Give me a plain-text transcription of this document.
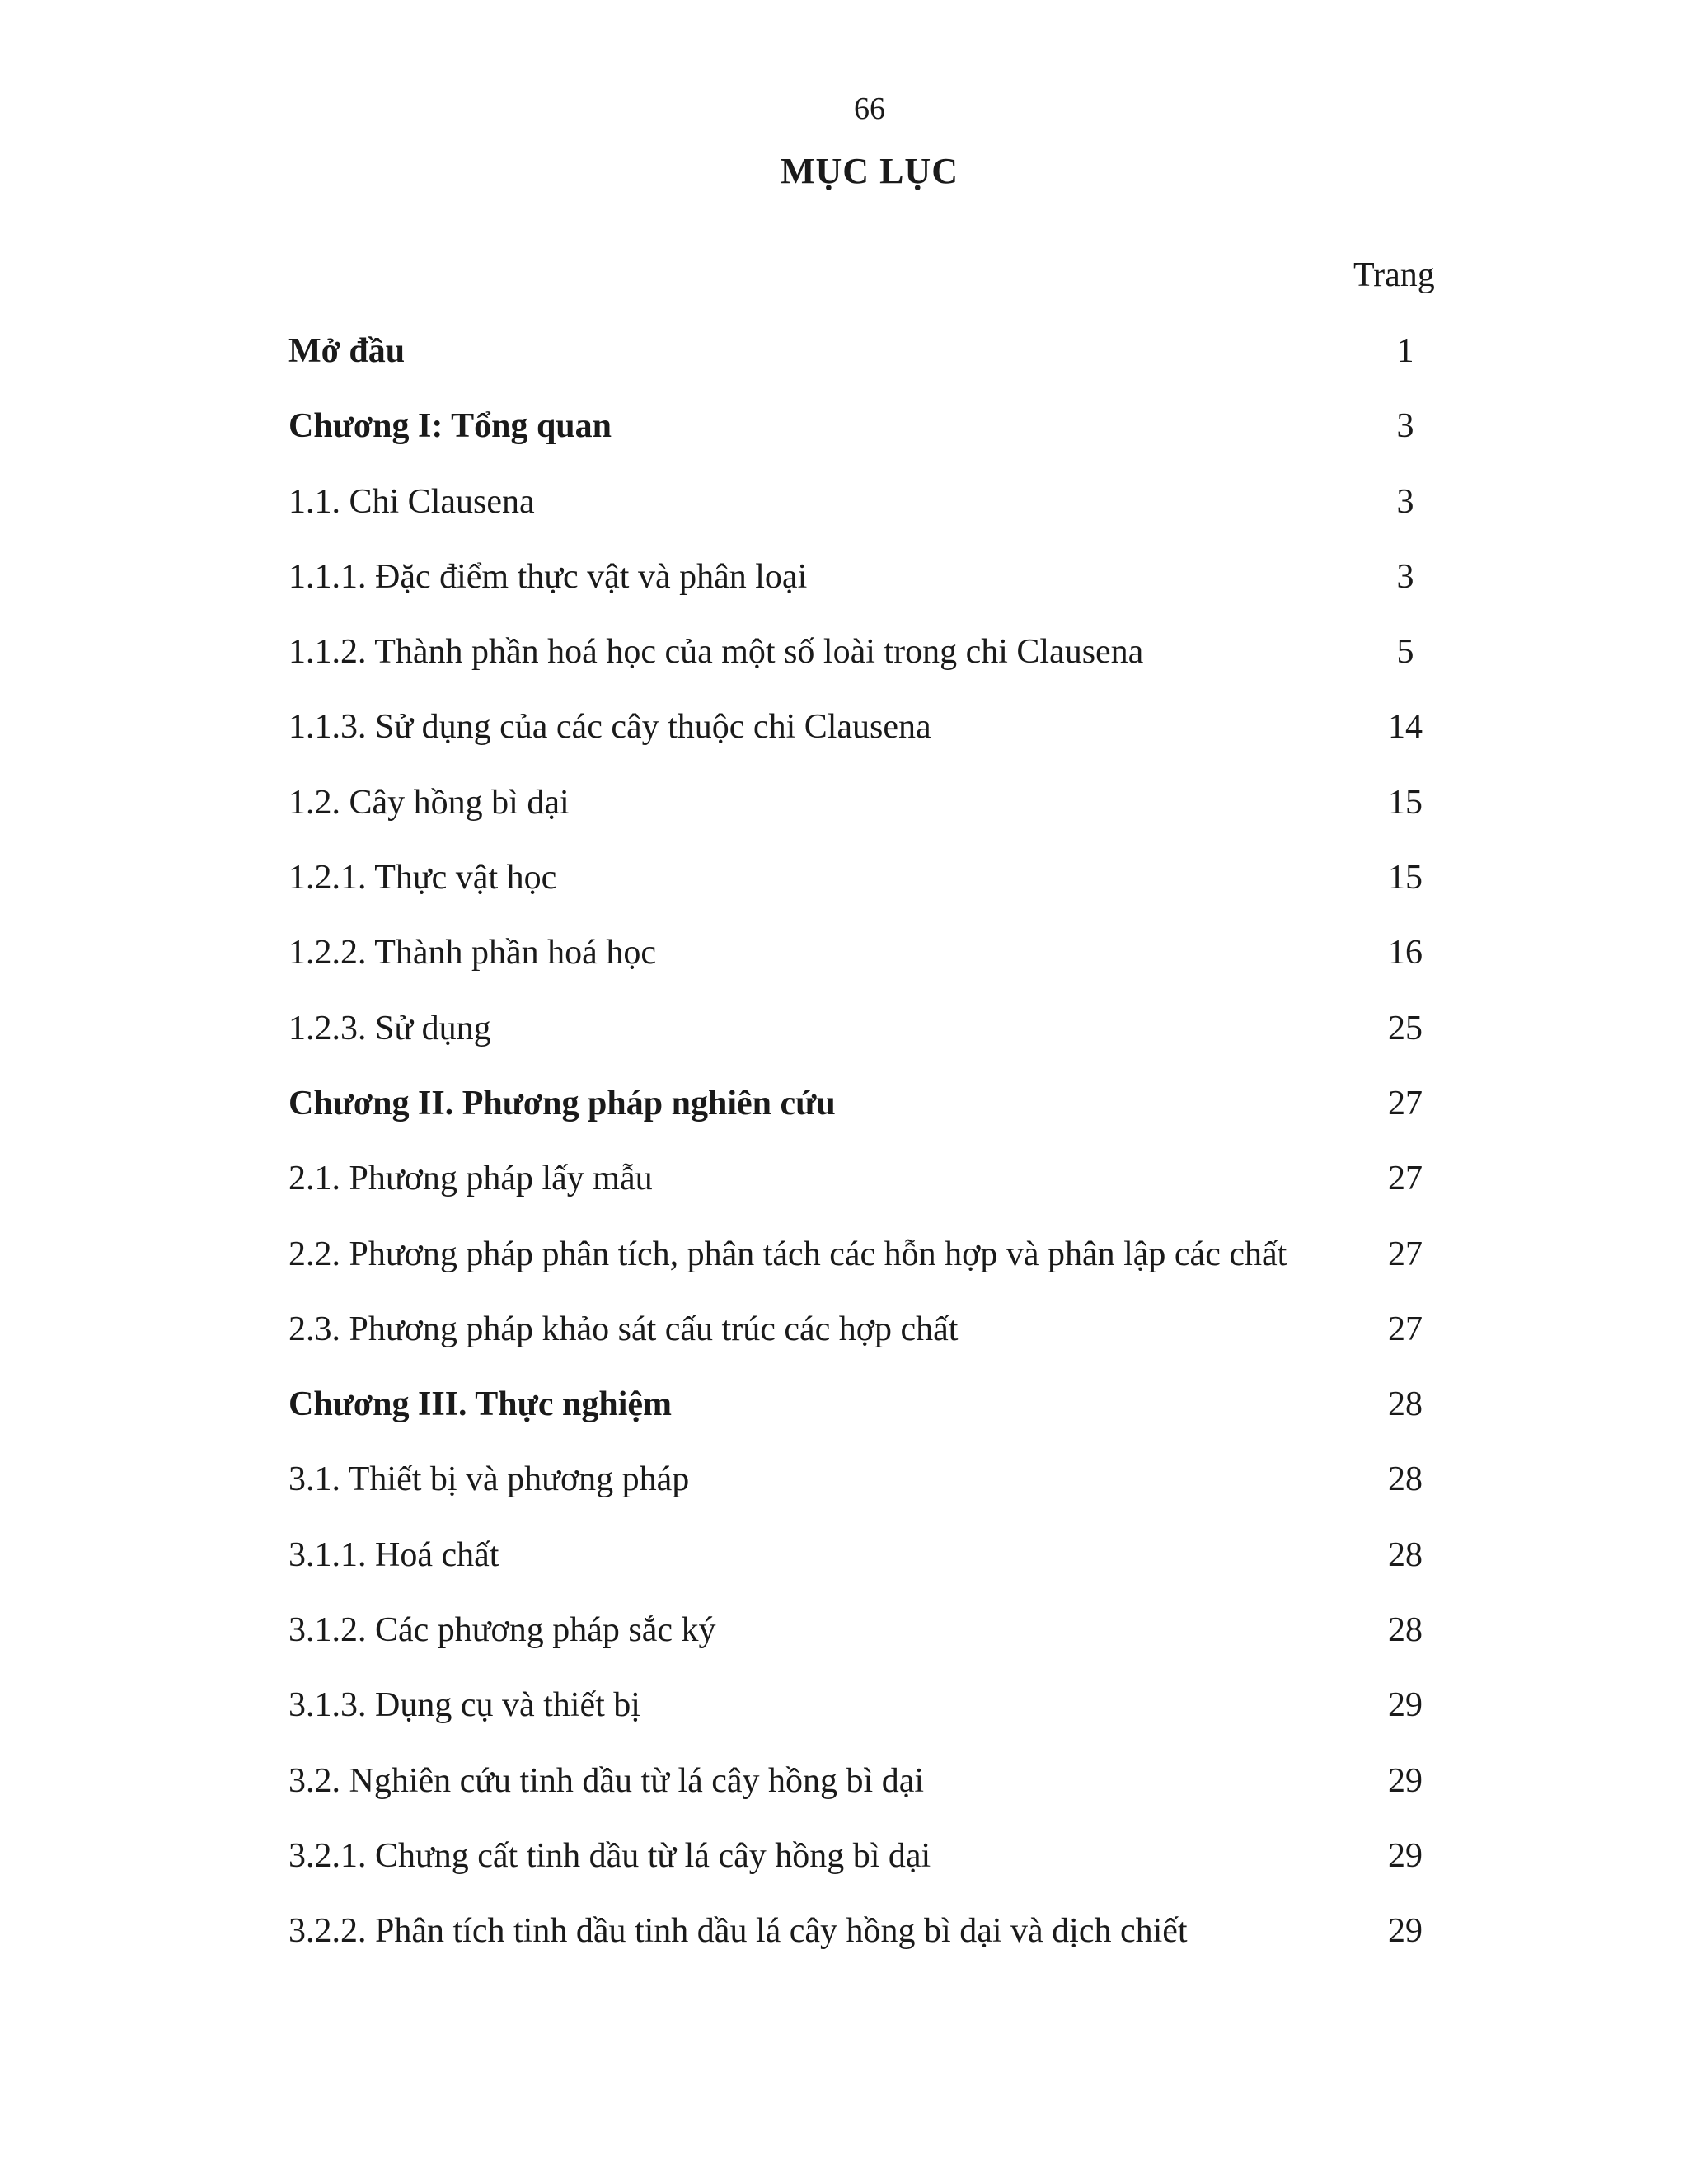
66
MỤC LỤC
Trang
Mở đầu	1
Chương I: Tổng quan	3
1.1. Chi Clausena	3
1.1.1. Đặc điểm thực vật và phân loại	3
1.1.2. Thành phần hoá học của một số loài trong chi Clausena	5
1.1.3. Sử dụng của các cây thuộc chi Clausena	14
1.2. Cây hồng bì dại	15
1.2.1. Thực vật học	15
1.2.2. Thành phần hoá học	16
1.2.3. Sử dụng	25
Chương II. Phương pháp nghiên cứu	27
2.1. Phương pháp lấy mẫu	27
2.2. Phương pháp phân tích, phân tách các hỗn hợp và phân lập các chất	27
2.3. Phương pháp khảo sát cấu trúc các hợp chất	27
Chương III. Thực nghiệm	28
3.1. Thiết bị và phương pháp	28
3.1.1. Hoá chất	28
3.1.2. Các phương pháp sắc ký	28
3.1.3. Dụng cụ và thiết bị	29
3.2. Nghiên cứu tinh dầu từ lá cây hồng bì dại	29
3.2.1. Chưng cất tinh dầu từ lá cây hồng bì dại	29
3.2.2. Phân tích tinh dầu tinh dầu lá cây hồng bì dại và dịch chiết	29
